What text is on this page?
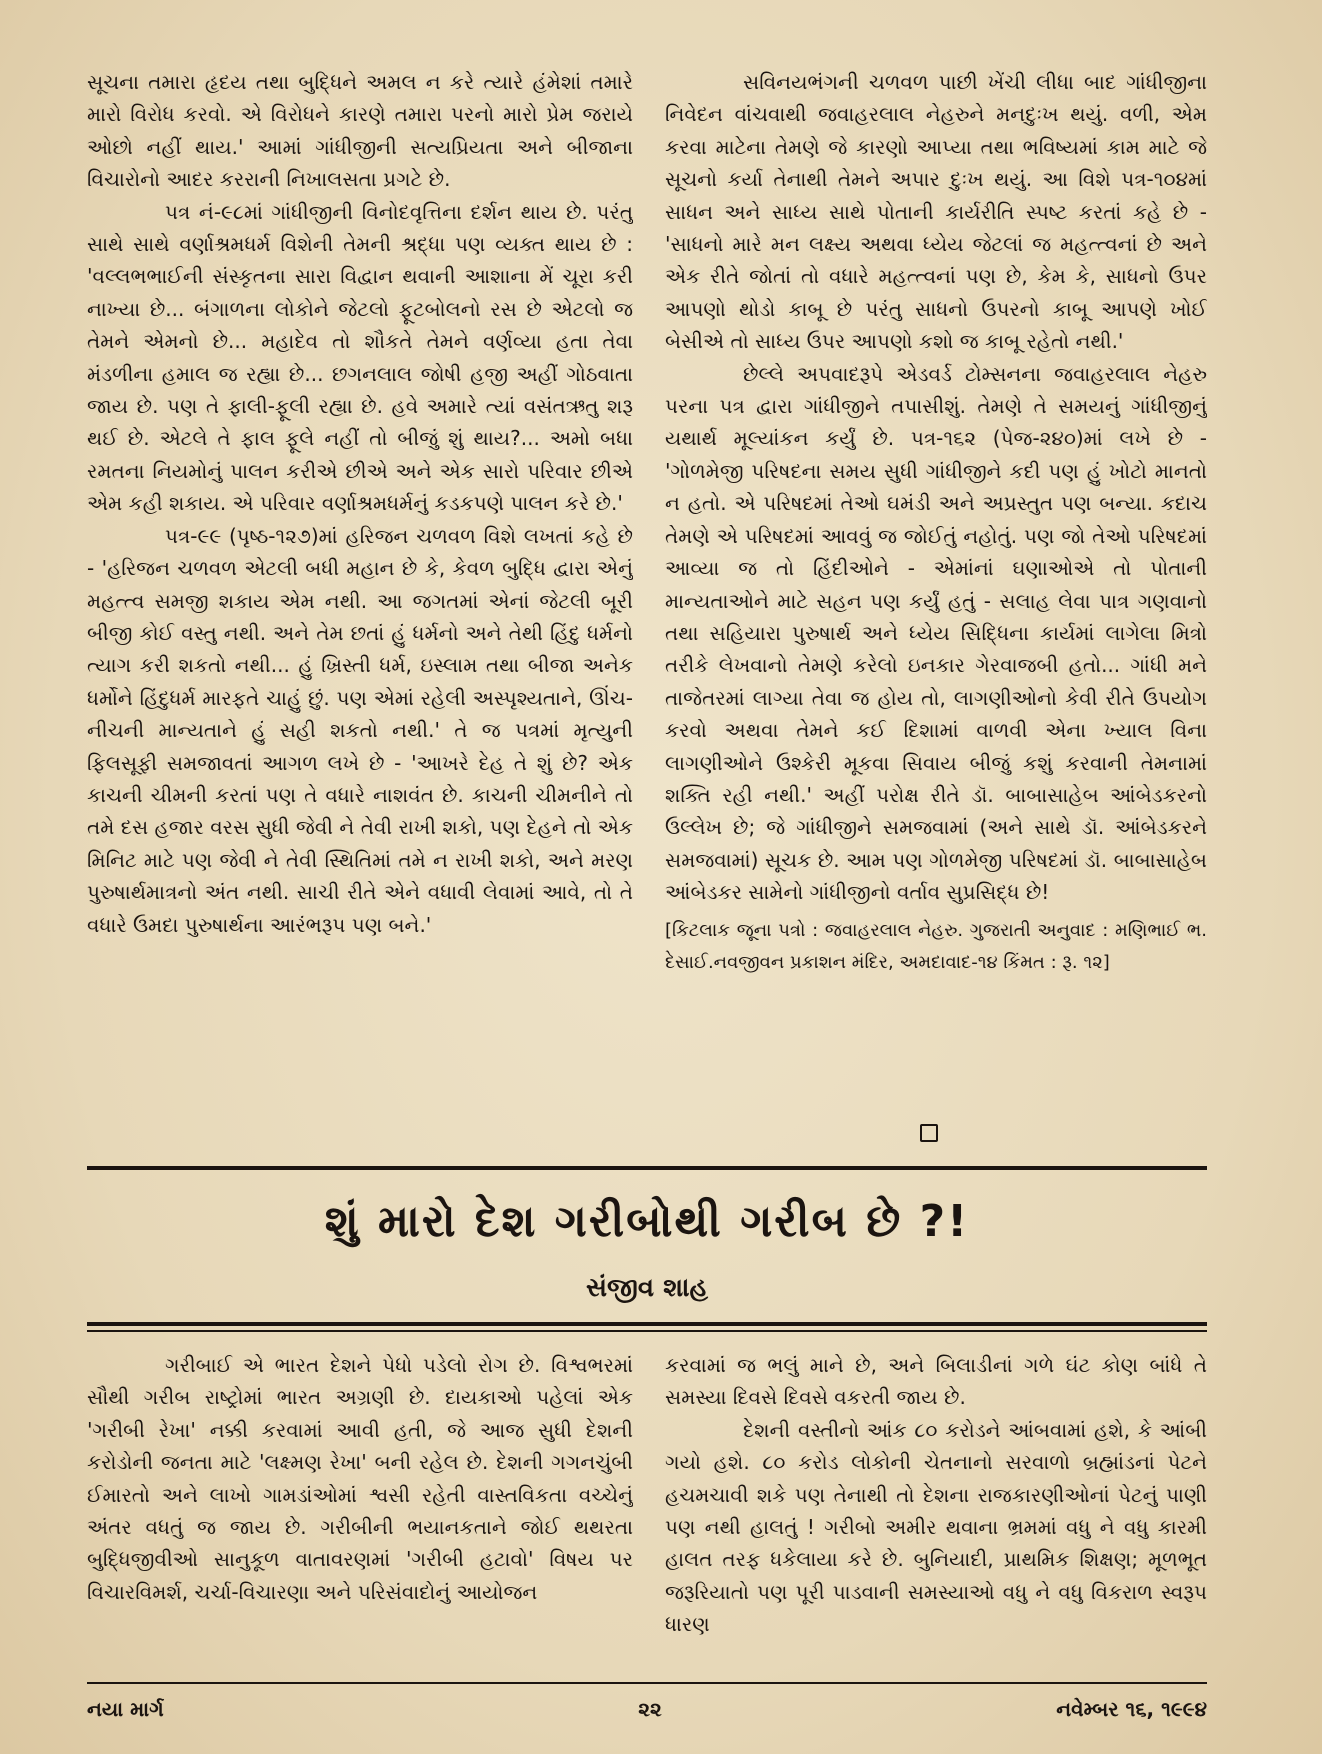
સૂચના તમારા હૃદય તથા બુદ્ધિને અમલ ન કરે ત્યારે હંમેશાં તમારે મારો વિરોધ કરવો. એ વિરોધને કારણે તમારા પરનો મારો પ્રેમ જરાયે ઓછો નહીં થાય.' આમાં ગાંધીજીની સત્યપ્રિયતા અને બીજાના વિચારોનો આદર કરરાની નિખાલસતા પ્રગટે છે.

પત્ર નં-૯૮માં ગાંધીજીની વિનોદવૃત્તિના દર્શન થાય છે. પરંતુ સાથે સાથે વર્ણાશ્રમધર્મ વિશેની તેમની શ્રદ્ધા પણ વ્યક્ત થાય છે : 'વલ્લભભાઈની સંસ્કૃતના સારા વિદ્વાન થવાની આશાના મેં ચૂરા કરી નાખ્યા છે... બંગાળના લોકોને જેટલો ફૂટબોલનો રસ છે એટલો જ તેમને એમનો છે... મહાદેવ તો શૌકતે તેમને વર્ણવ્યા હતા તેવા મંડળીના હમાલ જ રહ્યા છે... છગનલાલ જોષી હજી અહીં ગોઠવાતા જાય છે. પણ તે ફાલી-ફૂલી રહ્યા છે. હવે અમારે ત્યાં વસંતઋતુ શરૂ થઈ છે. એટલે તે ફાલ ફૂલે નહીં તો બીજું શું થાય?... અમો બધા રમતના નિયમોનું પાલન કરીએ છીએ અને એક સારો પરિવાર છીએ એમ કહી શકાય. એ પરિવાર વર્ણાશ્રમધર્મનું કડકપણે પાલન કરે છે.'

પત્ર-૯૯ (પૃષ્ઠ-૧૨૭)માં હરિજન ચળવળ વિશે લખતાં કહે છે - 'હરિજન ચળવળ એટલી બધી મહાન છે કે, કેવળ બુદ્ધિ દ્વારા એનું મહત્ત્વ સમજી શકાય એમ નથી. આ જગતમાં એનાં જેટલી બૂરી બીજી કોઈ વસ્તુ નથી. અને તેમ છતાં હું ધર્મનો અને તેથી હિંદુ ધર્મનો ત્યાગ કરી શકતો નથી... હું ખ્રિસ્તી ધર્મ, ઇસ્લામ તથા બીજા અનેક ધર્મોને હિંદુધર્મ મારફતે ચાહું છું. પણ એમાં રહેલી અસ્પૃશ્યતાને, ઊંચ-નીચની માન્યતાને હું સહી શકતો નથી.' તે જ પત્રમાં મૃત્યુની ફિલસૂફી સમજાવતાં આગળ લખે છે - 'આખરે દેહ તે શું છે? એક કાચની ચીમની કરતાં પણ તે વધારે નાશવંત છે. કાચની ચીમનીને તો તમે દસ હજાર વરસ સુધી જેવી ને તેવી રાખી શકો, પણ દેહને તો એક મિનિટ માટે પણ જેવી ને તેવી સ્થિતિમાં તમે ન રાખી શકો, અને મરણ પુરુષાર્થમાત્રનો અંત નથી. સાચી રીતે એને વધાવી લેવામાં આવે, તો તે વધારે ઉમદા પુરુષાર્થના આરંભરૂપ પણ બને.'

સવિનયભંગની ચળવળ પાછી ખેંચી લીધા બાદ ગાંધીજીના નિવેદન વાંચવાથી જવાહરલાલ નેહરુને મનદુઃખ થયું. વળી, એમ કરવા માટેના તેમણે જે કારણો આપ્યા તથા ભવિષ્યમાં કામ માટે જે સૂચનો કર્યા તેનાથી તેમને અપાર દુઃખ થયું. આ વિશે પત્ર-૧૦૪માં સાધન અને સાધ્ય સાથે પોતાની કાર્યરીતિ સ્પષ્ટ કરતાં કહે છે - 'સાધનો મારે મન લક્ષ્ય અથવા ધ્યેય જેટલાં જ મહત્ત્વનાં છે અને એક રીતે જોતાં તો વધારે મહત્ત્વનાં પણ છે, કેમ કે, સાધનો ઉપર આપણો થોડો કાબૂ છે પરંતુ સાધનો ઉપરનો કાબૂ આપણે ખોઈ બેસીએ તો સાધ્ય ઉપર આપણો કશો જ કાબૂ રહેતો નથી.'

છેલ્લે અપવાદરૂપે એડવર્ડ ટોમ્સનના જવાહરલાલ નેહરુ પરના પત્ર દ્વારા ગાંધીજીને તપાસીશું. તેમણે તે સમયનું ગાંધીજીનું યથાર્થ મૂલ્યાંકન કર્યું છે. પત્ર-૧૬૨ (પેજ-૨૪૦)માં લખે છે - 'ગોળમેજી પરિષદના સમય સુધી ગાંધીજીને કદી પણ હું ખોટો માનતો ન હતો. એ પરિષદમાં તેઓ ઘમંડી અને અપ્રસ્તુત પણ બન્યા. કદાચ તેમણે એ પરિષદમાં આવવું જ જોઈતું નહોતું. પણ જો તેઓ પરિષદમાં આવ્યા જ તો હિંદીઓને - એમાંનાં ઘણાઓએ તો પોતાની માન્યતાઓને માટે સહન પણ કર્યું હતું - સલાહ લેવા પાત્ર ગણવાનો તથા સહિયારા પુરુષાર્થ અને ધ્યેય સિદ્ધિના કાર્યમાં લાગેલા મિત્રો તરીકે લેખવાનો તેમણે કરેલો ઇનકાર ગેરવાજબી હતો... ગાંધી મને તાજેતરમાં લાગ્યા તેવા જ હોય તો, લાગણીઓનો કેવી રીતે ઉપયોગ કરવો અથવા તેમને કઈ દિશામાં વાળવી એના ખ્યાલ વિના લાગણીઓને ઉશ્કેરી મૂકવા સિવાય બીજું કશું કરવાની તેમનામાં શક્તિ રહી નથી.' અહીં પરોક્ષ રીતે ડૉ. બાબાસાહેબ આંબેડકરનો ઉલ્લેખ છે; જે ગાંધીજીને સમજવામાં (અને સાથે ડૉ. આંબેડકરને સમજવામાં) સૂચક છે. આમ પણ ગોળમેજી પરિષદમાં ડૉ. બાબાસાહેબ આંબેડકર સામેનો ગાંધીજીનો વર્તાવ સુપ્રસિદ્ધ છે!

[કિટલાક જૂના પત્રો : જવાહરલાલ નેહરુ. ગુજરાતી અનુવાદ : મણિભાઈ ભ. દેસાઈ.નવજીવન પ્રકાશન મંદિર, અમદાવાદ-૧૪ કિંમત : રૂ. ૧૨]

શું મારો દેશ ગરીબોથી ગરીબ છે ?!
સંજીવ શાહ

ગરીબાઈ એ ભારત દેશને પેધો પડેલો રોગ છે. વિશ્વભરમાં સૌથી ગરીબ રાષ્ટ્રોમાં ભારત અગ્રણી છે. દાયકાઓ પહેલાં એક 'ગરીબી રેખા' નક્કી કરવામાં આવી હતી, જે આજ સુધી દેશની કરોડોની જનતા માટે 'લક્ષ્મણ રેખા' બની રહેલ છે. દેશની ગગનચુંબી ઈમારતો અને લાખો ગામડાંઓમાં શ્વસી રહેતી વાસ્તવિકતા વચ્ચેનું અંતર વધતું જ જાય છે. ગરીબીની ભયાનકતાને જોઈ થથરતા બુદ્ધિજીવીઓ સાનુકૂળ વાતાવરણમાં 'ગરીબી હટાવો' વિષય પર વિચારવિમર્શ, ચર્ચા-વિચારણા અને પરિસંવાદોનું આયોજન

કરવામાં જ ભલું માને છે, અને બિલાડીનાં ગળે ઘંટ કોણ બાંધે તે સમસ્યા દિવસે દિવસે વકરતી જાય છે.

દેશની વસ્તીનો આંક ૮૦ કરોડને આંબવામાં હશે, કે આંબી ગયો હશે. ૮૦ કરોડ લોકોની ચેતનાનો સરવાળો બ્રહ્માંડનાં પેટને હચમચાવી શકે પણ તેનાથી તો દેશના રાજકારણીઓનાં પેટનું પાણી પણ નથી હાલતું ! ગરીબો અમીર થવાના ભ્રમમાં વધુ ને વધુ કારમી હાલત તરફ ધકેલાયા કરે છે. બુનિયાદી, પ્રાથમિક શિક્ષણ; મૂળભૂત જરૂરિયાતો પણ પૂરી પાડવાની સમસ્યાઓ વધુ ને વધુ વિકરાળ સ્વરૂપ ધારણ

નયા માર્ગ	૨૨	નવેમ્બર ૧૬, ૧૯૯૪
